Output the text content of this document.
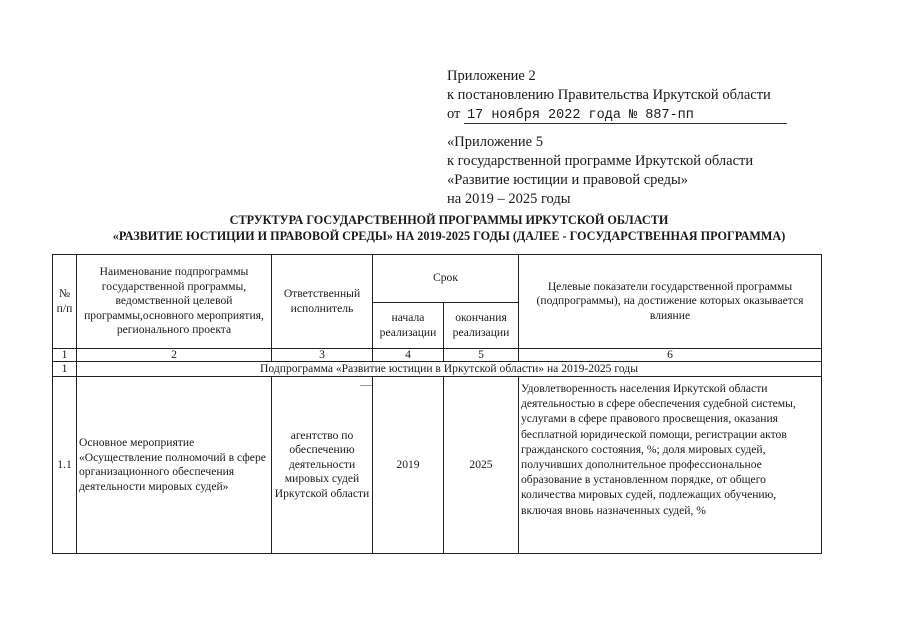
Приложение 2
к постановлению Правительства Иркутской области
от 17 ноября 2022 года № 887-пп
«Приложение 5
к государственной программе Иркутской области
«Развитие юстиции и правовой среды»
на 2019 – 2025 годы
СТРУКТУРА ГОСУДАРСТВЕННОЙ ПРОГРАММЫ ИРКУТСКОЙ ОБЛАСТИ
«РАЗВИТИЕ ЮСТИЦИИ И ПРАВОВОЙ СРЕДЫ» НА 2019-2025 ГОДЫ (ДАЛЕЕ - ГОСУДАРСТВЕННАЯ ПРОГРАММА)
№ п/п	Наименование подпрограммы государственной программы, ведомственной целевой программы,основного мероприятия, регионального проекта	Ответственный исполнитель	Срок		Целевые показатели государственной программы (подпрограммы), на достижение которых оказывается влияние
			начала реализации	окончания реализации	
1	2	3	4	5	6
1	Подпрограмма «Развитие юстиции в Иркутской области» на 2019-2025 годы				
1.1	Основное мероприятие «Осуществление полномочий в сфере организационного обеспечения деятельности мировых судей»	агентство по обеспечению деятельности мировых судей Иркутской области	2019	2025	Удовлетворенность населения Иркутской области деятельностью в сфере обеспечения судебной системы, услугами в сфере правового просвещения, оказания бесплатной юридической помощи, регистрации актов гражданского состояния, %; доля мировых судей, получивших дополнительное профессиональное образование в установленном порядке, от общего количества мировых судей, подлежащих обучению, включая вновь назначенных судей, %
